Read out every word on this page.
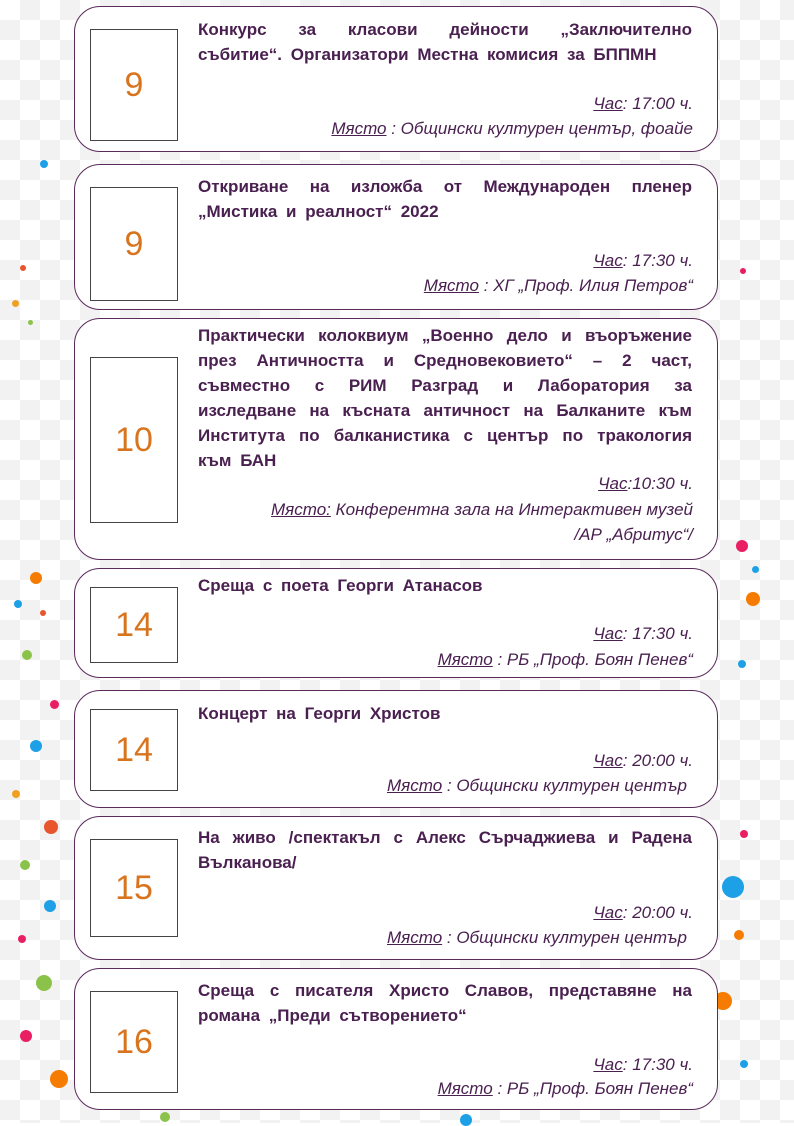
9
Конкурс за класови дейности „Заключително събитие“. Организатори Местна комисия за БППМН
Час: 17:00 ч.
Място : Общински културен център, фоайе
9
Откриване на изложба от Международен пленер „Мистика и реалност“ 2022
Час: 17:30 ч.
Място : ХГ „Проф. Илия Петров“
10
Практически колоквиум „Военно дело и въоръжение през Античността и Средновековието“ – 2 част, съвместно с РИМ Разград и Лаборатория за изследване на късната античност на Балканите към Института по балканистика с център по тракология към БАН
Час:10:30 ч.
Място: Конферентна зала на Интерактивен музей
/АР „Абритус“/
14
Среща с поета Георги Атанасов
Час: 17:30 ч.
Място : РБ „Проф. Боян Пенев“
14
Концерт на Георги Христов
Час: 20:00 ч.
Място : Общински културен център
15
На живо /спектакъл с Алекс Сърчаджиева и Радена Вълканова/
Час: 20:00 ч.
Място : Общински културен център
16
Среща с писателя Христо Славов, представяне на романа „Преди сътворението“
Час: 17:30 ч.
Място : РБ „Проф. Боян Пенев“
